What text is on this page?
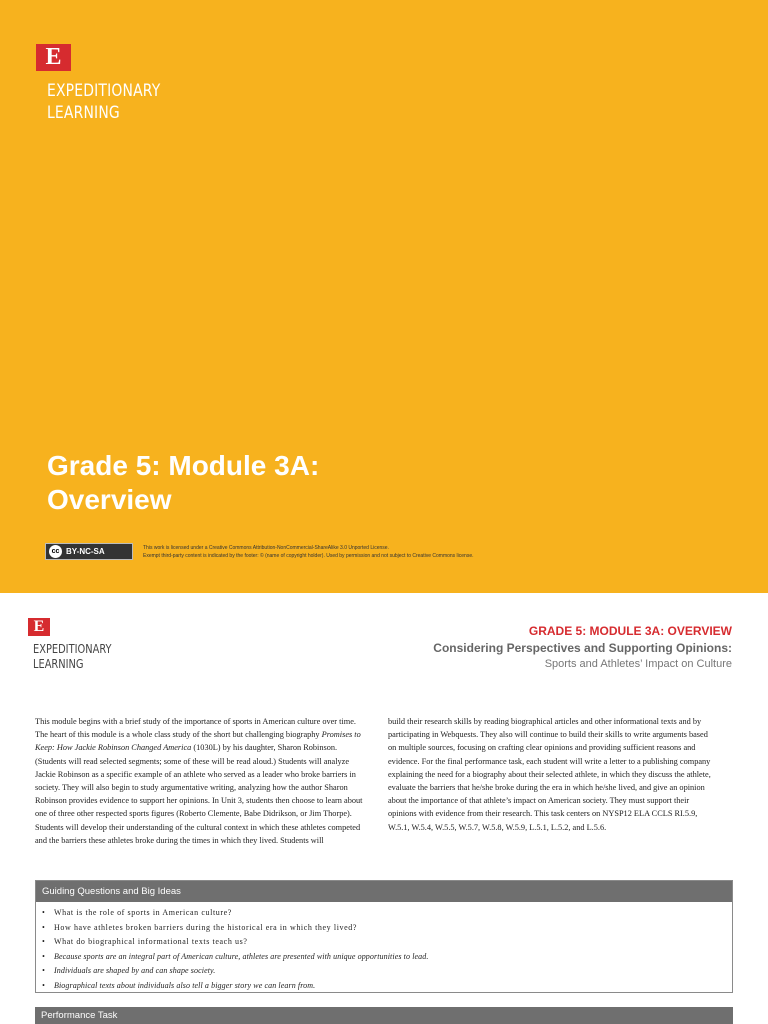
E
EXPEDITIONARY
LEARNING
Grade 5: Module 3A:
Overview
cc BY-NC-SA	This work is licensed under a Creative Commons Attribution-NonCommercial-ShareAlike 3.0 Unported License.
Exempt third-party content is indicated by the footer: © (name of copyright holder). Used by permission and not subject to Creative Commons license.
E
EXPEDITIONARY
LEARNING
GRADE 5: MODULE 3A: OVERVIEW
Considering Perspectives and Supporting Opinions:
Sports and Athletes’ Impact on Culture

This module begins with a brief study of the importance of sports in American culture over time. The heart of this module is a whole class study of the short but challenging biography Promises to Keep: How Jackie Robinson Changed America (1030L) by his daughter, Sharon Robinson. (Students will read selected segments; some of these will be read aloud.) Students will analyze Jackie Robinson as a specific example of an athlete who served as a leader who broke barriers in society. They will also begin to study argumentative writing, analyzing how the author Sharon Robinson provides evidence to support her opinions. In Unit 3, students then choose to learn about one of three other respected sports figures (Roberto Clemente, Babe Didrikson, or Jim Thorpe). Students will develop their understanding of the cultural context in which these athletes competed and the barriers these athletes broke during the times in which they lived. Students will

build their research skills by reading biographical articles and other informational texts and by participating in Webquests. They also will continue to build their skills to write arguments based on multiple sources, focusing on crafting clear opinions and providing sufficient reasons and evidence. For the final performance task, each student will write a letter to a publishing company explaining the need for a biography about their selected athlete, in which they discuss the athlete, evaluate the barriers that he/she broke during the era in which he/she lived, and give an opinion about the importance of that athlete’s impact on American society. They must support their opinions with evidence from their research. This task centers on NYSP12 ELA CCLS RI.5.9, W.5.1, W.5.4, W.5.5, W.5.7, W.5.8, W.5.9, L.5.1, L.5.2, and L.5.6.

Guiding Questions and Big Ideas
• What is the role of sports in American culture?
• How have athletes broken barriers during the historical era in which they lived?
• What do biographical informational texts teach us?
• Because sports are an integral part of American culture, athletes are presented with unique opportunities to lead.
• Individuals are shaped by and can shape society.
• Biographical texts about individuals also tell a bigger story we can learn from.
Performance Task
